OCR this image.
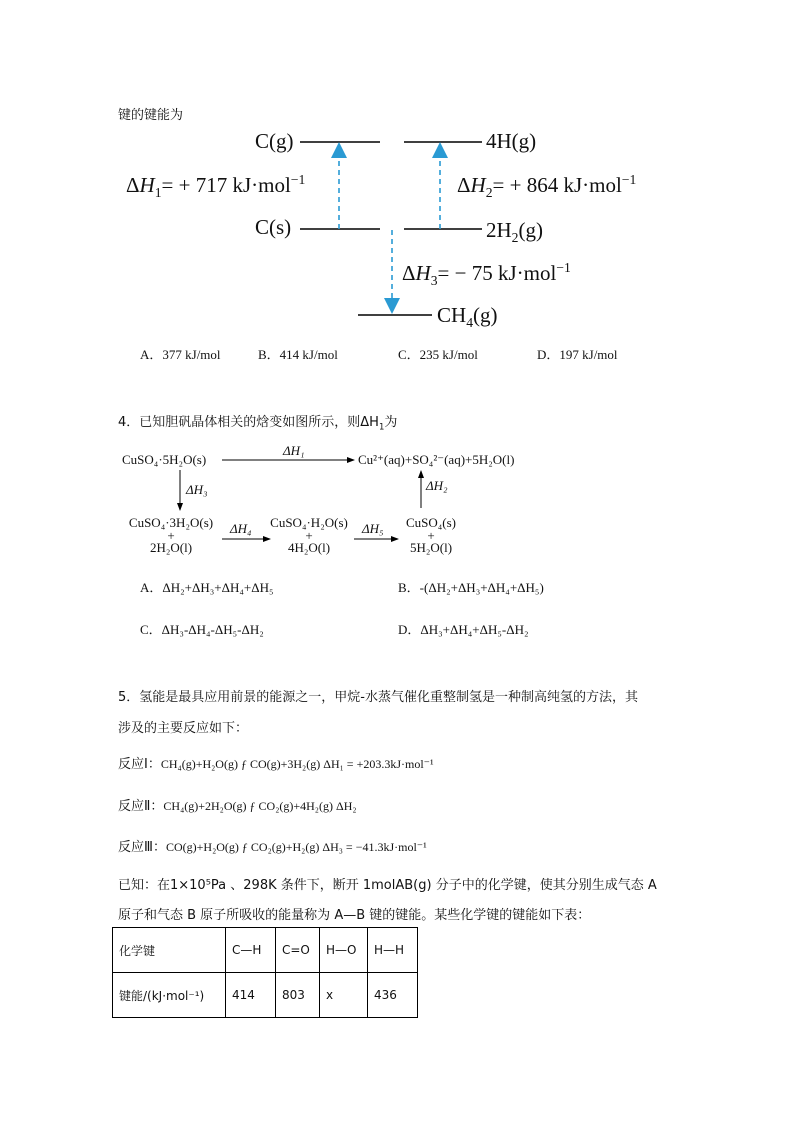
键的键能为
C(g)	4H(g)
$\Delta H_1= + 717$ kJ·mol$^{-1}$	$\Delta H_2= + 864$ kJ·mol$^{-1}$
C(s)	$2H_2(g)$
$\Delta H_3= - 75$ kJ·mol$^{-1}$
$CH_4(g)$
A．377 kJ/mol	B．414 kJ/mol	C．235 kJ/mol	D．197 kJ/mol
4．已知胆矾晶体相关的焓变如图所示，则$\Delta H_1$为
CuSO₄·5H₂O(s)
ΔH₁
Cu²⁺(aq)+SO₄²⁻(aq)+5H₂O(l)
ΔH₃	ΔH₂
CuSO₄·3H₂O(s)
+
2H₂O(l)
ΔH₄	CuSO₄·H₂O(s)
+
4H₂O(l)
ΔH₅	CuSO₄(s)
+
5H₂O(l)
A．ΔH₂+ΔH₃+ΔH₄+ΔH₅	B．-(ΔH₂+ΔH₃+ΔH₄+ΔH₅)
C．ΔH₃-ΔH₄-ΔH₅-ΔH₂	D．ΔH₃+ΔH₄+ΔH₅-ΔH₂
5．氢能是最具应用前景的能源之一，甲烷-水蒸气催化重整制氢是一种制高纯氢的方法，其
涉及的主要反应如下：
反应Ⅰ：CH₄(g)+H₂O(g) ƒ CO(g)+3H₂(g) ΔH₁ = +203.3kJ·mol⁻¹
反应Ⅱ：CH₄(g)+2H₂O(g) ƒ CO₂(g)+4H₂(g) ΔH₂
反应Ⅲ：CO(g)+H₂O(g) ƒ CO₂(g)+H₂(g) ΔH₃ = −41.3kJ·mol⁻¹
已知：在1×10⁵Pa 、298K 条件下，断开 1molAB(g) 分子中的化学键，使其分别生成气态 A
原子和气态 B 原子所吸收的能量称为 A—B 键的键能。某些化学键的键能如下表：
化学键	C—H	C=O	H—O	H—H
键能/(kJ·mol⁻¹)	414	803	x	436
